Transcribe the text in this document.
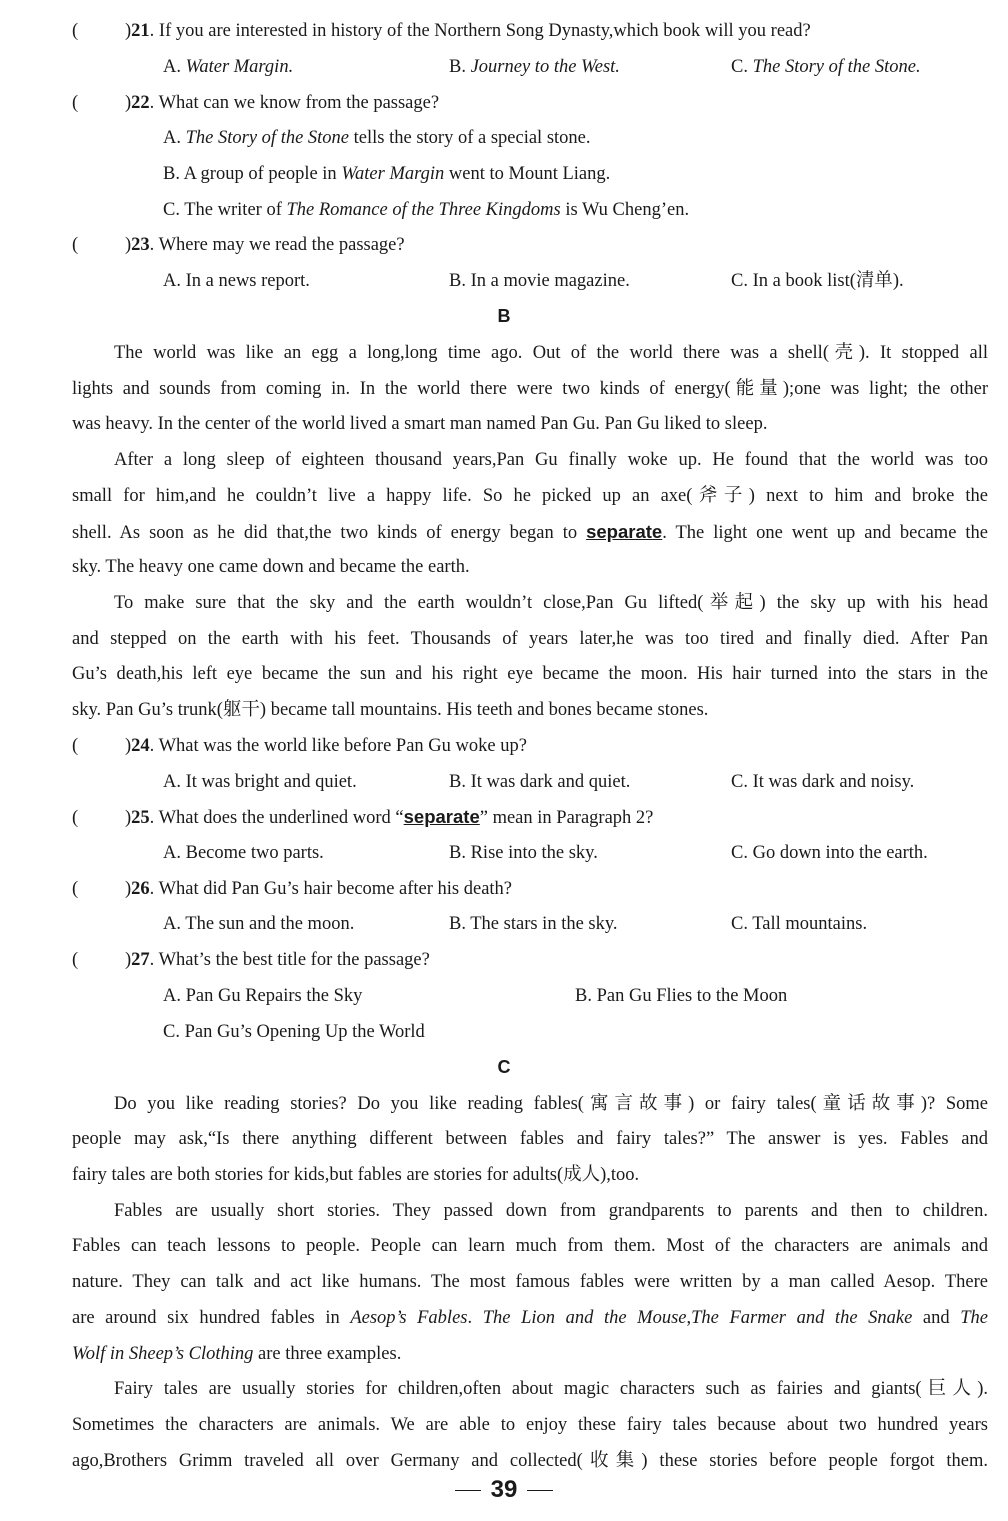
(	)21. If you are interested in history of the Northern Song Dynasty,which book will you read?
A. Water Margin.	B. Journey to the West.	C. The Story of the Stone.
(	)22. What can we know from the passage?
A. The Story of the Stone tells the story of a special stone.
B. A group of people in Water Margin went to Mount Liang.
C. The writer of The Romance of the Three Kingdoms is Wu Cheng’en.
(	)23. Where may we read the passage?
A. In a news report.	B. In a movie magazine.	C. In a book list(清单).
B
The world was like an egg a long,long time ago. Out of the world there was a shell(壳). It stopped all
lights and sounds from coming in. In the world there were two kinds of energy(能量);one was light; the other
was heavy. In the center of the world lived a smart man named Pan Gu. Pan Gu liked to sleep.
After a long sleep of eighteen thousand years,Pan Gu finally woke up. He found that the world was too
small for him,and he couldn’t live a happy life. So he picked up an axe(斧子) next to him and broke the
shell. As soon as he did that,the two kinds of energy began to separate. The light one went up and became the
sky. The heavy one came down and became the earth.
To make sure that the sky and the earth wouldn’t close,Pan Gu lifted(举起) the sky up with his head
and stepped on the earth with his feet. Thousands of years later,he was too tired and finally died. After Pan
Gu’s death,his left eye became the sun and his right eye became the moon. His hair turned into the stars in the
sky. Pan Gu’s trunk(躯干) became tall mountains. His teeth and bones became stones.
(	)24. What was the world like before Pan Gu woke up?
A. It was bright and quiet.	B. It was dark and quiet.	C. It was dark and noisy.
(	)25. What does the underlined word “separate” mean in Paragraph 2?
A. Become two parts.	B. Rise into the sky.	C. Go down into the earth.
(	)26. What did Pan Gu’s hair become after his death?
A. The sun and the moon.	B. The stars in the sky.	C. Tall mountains.
(	)27. What’s the best title for the passage?
A. Pan Gu Repairs the Sky	B. Pan Gu Flies to the Moon
C. Pan Gu’s Opening Up the World
C
Do you like reading stories? Do you like reading fables(寓言故事) or fairy tales(童话故事)? Some
people may ask,“Is there anything different between fables and fairy tales?” The answer is yes. Fables and
fairy tales are both stories for kids,but fables are stories for adults(成人),too.
Fables are usually short stories. They passed down from grandparents to parents and then to children.
Fables can teach lessons to people. People can learn much from them. Most of the characters are animals and
nature. They can talk and act like humans. The most famous fables were written by a man called Aesop. There
are around six hundred fables in Aesop’s Fables. The Lion and the Mouse,The Farmer and the Snake and The
Wolf in Sheep’s Clothing are three examples.
Fairy tales are usually stories for children,often about magic characters such as fairies and giants(巨人).
Sometimes the characters are animals. We are able to enjoy these fairy tales because about two hundred years
ago,Brothers Grimm traveled all over Germany and collected(收集) these stories before people forgot them.
39
